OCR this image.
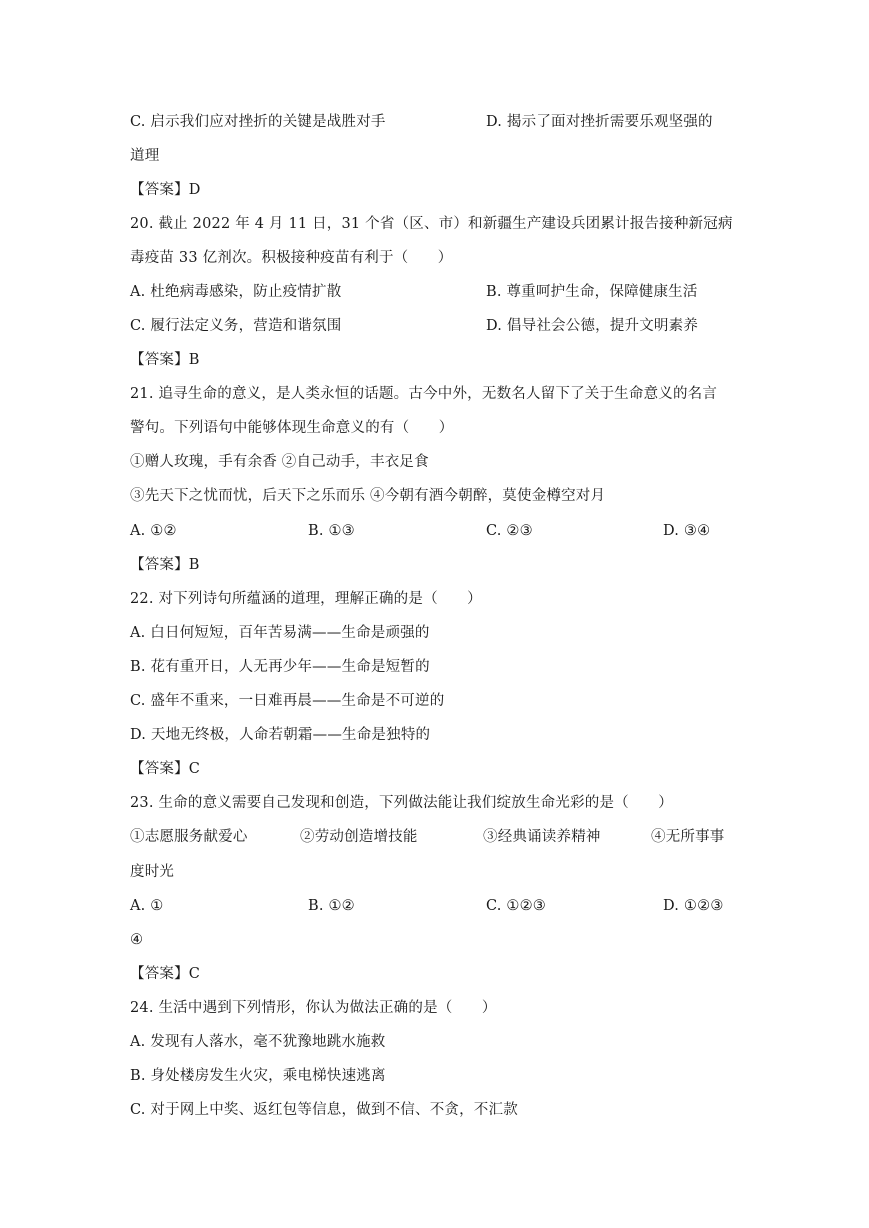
C. 启示我们应对挫折的关键是战胜对手	D. 揭示了面对挫折需要乐观坚强的
道理
【答案】D
20. 截止 2022 年 4 月 11 日，31 个省（区、市）和新疆生产建设兵团累计报告接种新冠病
毒疫苗 33 亿剂次。积极接种疫苗有利于（　　）
A. 杜绝病毒感染，防止疫情扩散	B. 尊重呵护生命，保障健康生活
C. 履行法定义务，营造和谐氛围	D. 倡导社会公德，提升文明素养
【答案】B
21. 追寻生命的意义，是人类永恒的话题。古今中外，无数名人留下了关于生命意义的名言
警句。下列语句中能够体现生命意义的有（　　）
①赠人玫瑰，手有余香 ②自己动手，丰衣足食
③先天下之忧而忧，后天下之乐而乐 ④今朝有酒今朝醉，莫使金樽空对月
A. ①②	B. ①③	C. ②③	D. ③④
【答案】B
22. 对下列诗句所蕴涵的道理，理解正确的是（　　）
A. 白日何短短，百年苦易满——生命是顽强的
B. 花有重开日，人无再少年——生命是短暂的
C. 盛年不重来，一日难再晨——生命是不可逆的
D. 天地无终极，人命若朝霜——生命是独特的
【答案】C
23. 生命的意义需要自己发现和创造，下列做法能让我们绽放生命光彩的是（　　）
①志愿服务献爱心	②劳动创造增技能	③经典诵读养精神	④无所事事
度时光
A. ①	B. ①②	C. ①②③	D. ①②③
④
【答案】C
24. 生活中遇到下列情形，你认为做法正确的是（　　）
A. 发现有人落水，毫不犹豫地跳水施救
B. 身处楼房发生火灾，乘电梯快速逃离
C. 对于网上中奖、返红包等信息，做到不信、不贪，不汇款
